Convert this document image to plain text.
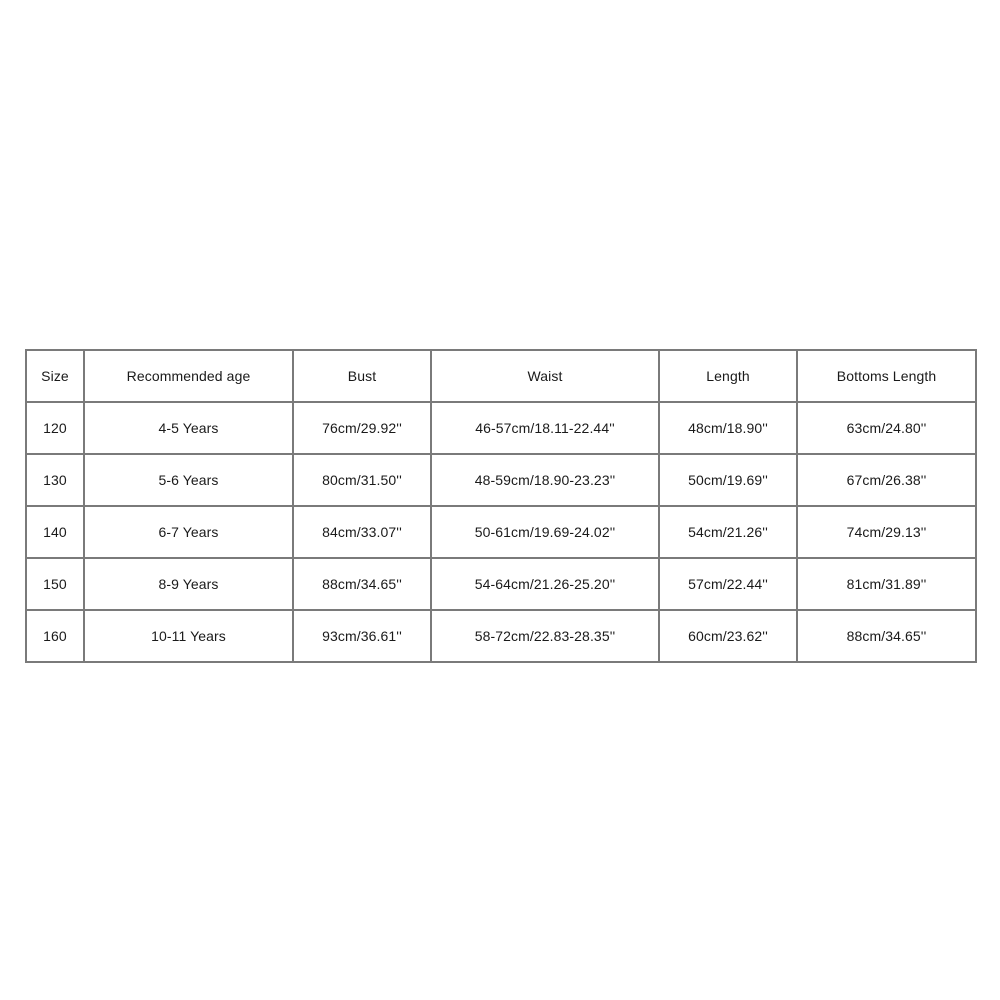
Size	Recommended age	Bust	Waist	Length	Bottoms Length
120	4-5 Years	76cm/29.92''	46-57cm/18.11-22.44''	48cm/18.90''	63cm/24.80''
130	5-6 Years	80cm/31.50''	48-59cm/18.90-23.23''	50cm/19.69''	67cm/26.38''
140	6-7 Years	84cm/33.07''	50-61cm/19.69-24.02''	54cm/21.26''	74cm/29.13''
150	8-9 Years	88cm/34.65''	54-64cm/21.26-25.20''	57cm/22.44''	81cm/31.89''
160	10-11 Years	93cm/36.61''	58-72cm/22.83-28.35''	60cm/23.62''	88cm/34.65''
